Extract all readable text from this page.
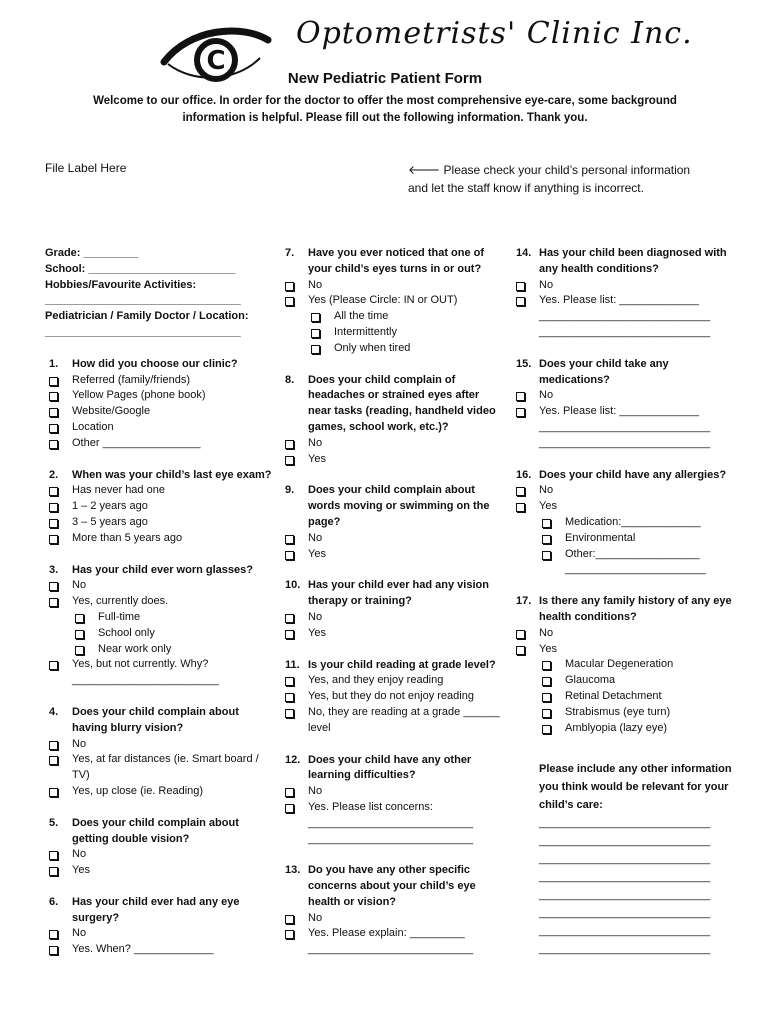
C
Optometrists' Clinic Inc.
New Pediatric Patient Form
Welcome to our office. In order for the doctor to offer the most comprehensive eye-care, some background information is helpful. Please fill out the following information. Thank you.
File Label Here	🡐 Please check your child’s personal information and let the staff know if anything is incorrect.
Grade: _________
School: ________________________
Hobbies/Favourite Activities:
________________________________
Pediatrician / Family Doctor / Location:
________________________________
1. How did you choose our clinic?
Referred (family/friends)
Yellow Pages (phone book)
Website/Google
Location
Other ________________
2. When was your child’s last eye exam?
Has never had one
1 – 2 years ago
3 – 5 years ago
More than 5 years ago
3. Has your child ever worn glasses?
No
Yes, currently does.
Full-time
School only
Near work only
Yes, but not currently. Why?
________________________
4. Does your child complain about having blurry vision?
No
Yes, at far distances (ie. Smart board / TV)
Yes, up close (ie. Reading)
5. Does your child complain about getting double vision?
No
Yes
6. Has your child ever had any eye surgery?
No
Yes. When? _____________
7. Have you ever noticed that one of your child’s eyes turns in or out?
No
Yes (Please Circle: IN or OUT)
All the time
Intermittently
Only when tired
8. Does your child complain of headaches or strained eyes after near tasks (reading, handheld video games, school work, etc.)?
No
Yes
9. Does your child complain about words moving or swimming on the page?
No
Yes
10. Has your child ever had any vision therapy or training?
No
Yes
11. Is your child reading at grade level?
Yes, and they enjoy reading
Yes, but they do not enjoy reading
No, they are reading at a grade ______ level
12. Does your child have any other learning difficulties?
No
Yes. Please list concerns:
___________________________
___________________________
13. Do you have any other specific concerns about your child’s eye health or vision?
No
Yes. Please explain: _________
___________________________
14. Has your child been diagnosed with any health conditions?
No
Yes. Please list: _____________
____________________________
____________________________
15. Does your child take any medications?
No
Yes. Please list: _____________
____________________________
____________________________
16. Does your child have any allergies?
No
Yes
Medication:_____________
Environmental
Other:_________________
_______________________
17. Is there any family history of any eye health conditions?
No
Yes
Macular Degeneration
Glaucoma
Retinal Detachment
Strabismus (eye turn)
Amblyopia (lazy eye)
Please include any other information you think would be relevant for your child’s care:
____________________________
____________________________
____________________________
____________________________
____________________________
____________________________
____________________________
____________________________
